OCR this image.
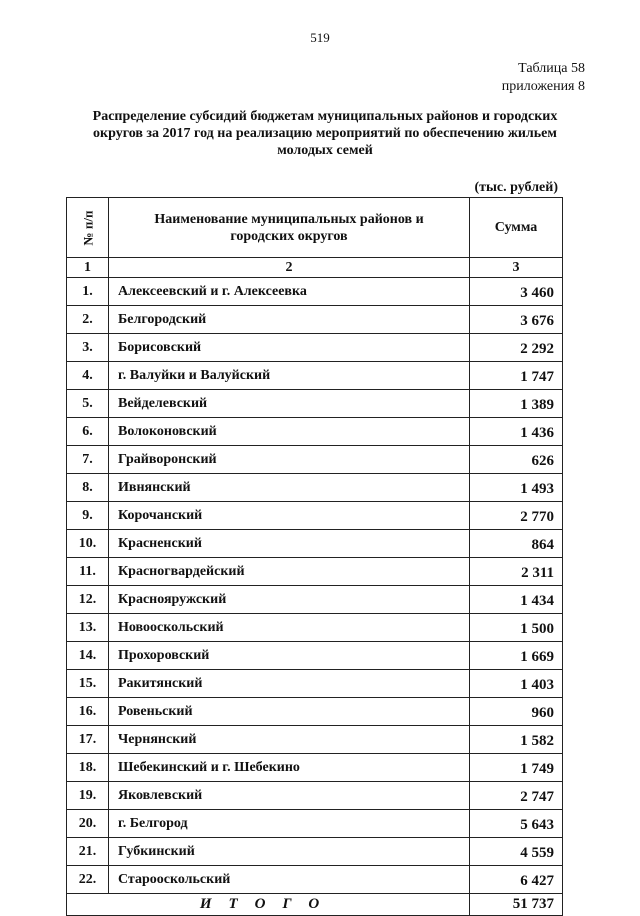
519
Таблица 58
приложения 8
Распределение субсидий бюджетам муниципальных районов и городских округов за 2017 год на реализацию мероприятий по обеспечению жильем молодых семей
(тыс. рублей)
№ п/п	Наименование муниципальных районов и городских округов	Сумма
1	2	3
1.	Алексеевский и г. Алексеевка	3 460
2.	Белгородский	3 676
3.	Борисовский	2 292
4.	г. Валуйки и Валуйский	1 747
5.	Вейделевский	1 389
6.	Волоконовский	1 436
7.	Грайворонский	626
8.	Ивнянский	1 493
9.	Корочанский	2 770
10.	Красненский	864
11.	Красногвардейский	2 311
12.	Краснояружский	1 434
13.	Новооскольский	1 500
14.	Прохоровский	1 669
15.	Ракитянский	1 403
16.	Ровеньский	960
17.	Чернянский	1 582
18.	Шебекинский и г. Шебекино	1 749
19.	Яковлевский	2 747
20.	г. Белгород	5 643
21.	Губкинский	4 559
22.	Старооскольский	6 427
ИТОГО		51 737
